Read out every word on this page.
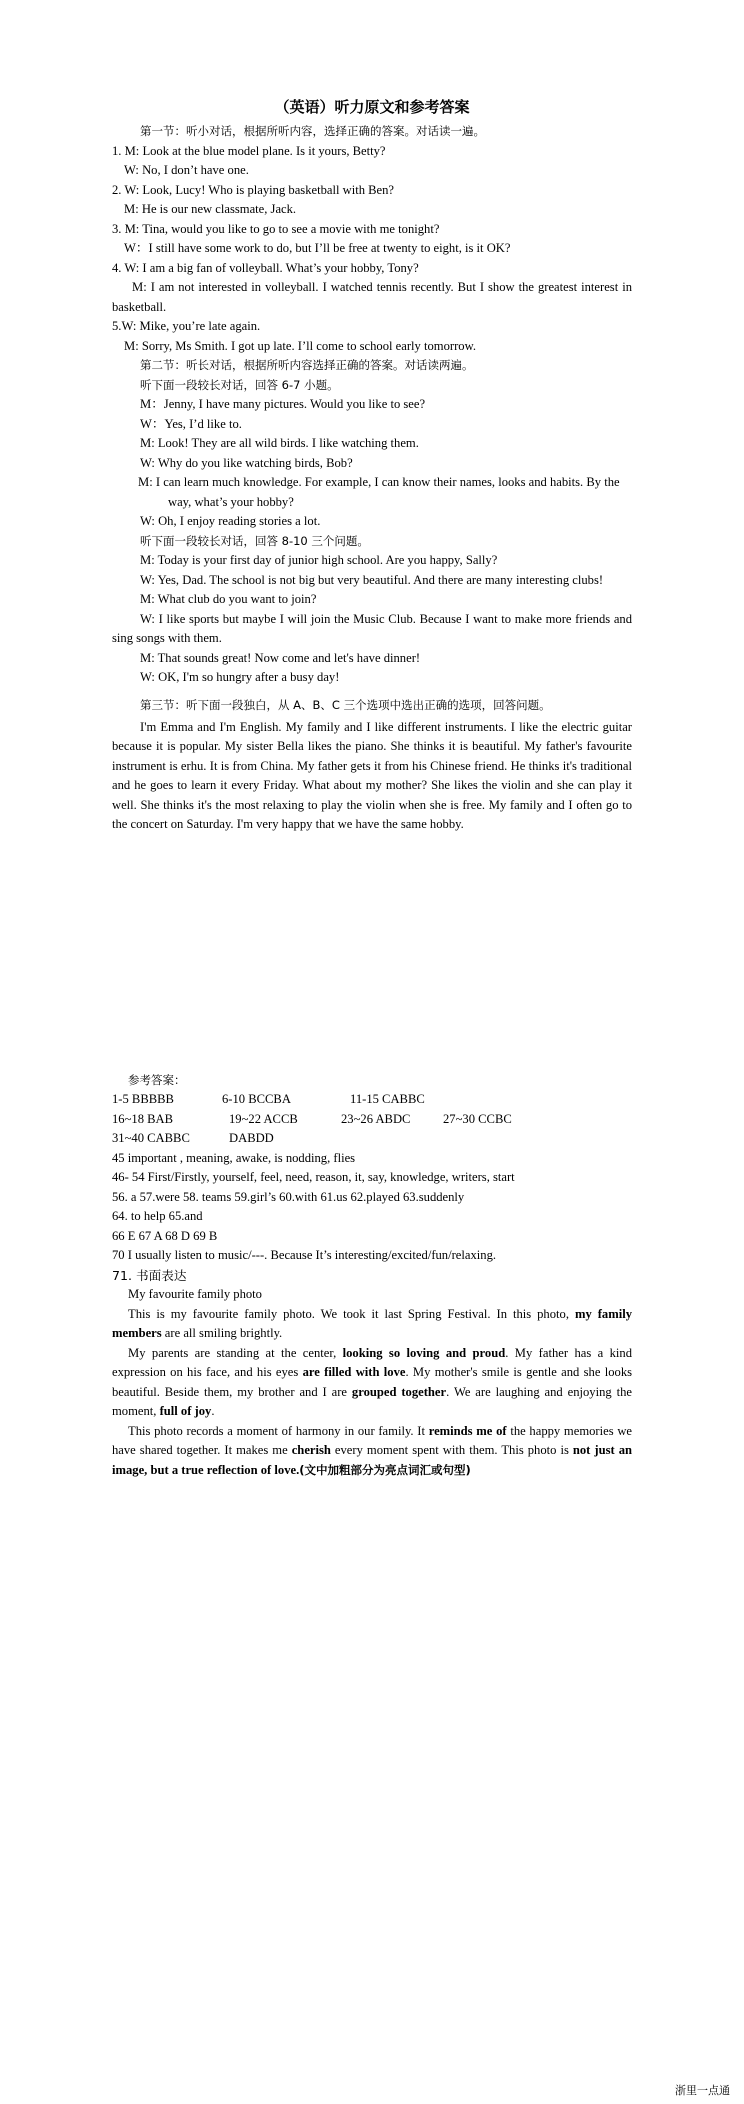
（英语）听力原文和参考答案

第一节：听小对话，根据所听内容，选择正确的答案。对话读一遍。

1. M: Look at the blue model plane. Is it yours, Betty?

W: No, I don’t have one.

2. W: Look, Lucy! Who is playing basketball with Ben?

M: He is our new classmate, Jack.

3. M: Tina, would you like to go to see a movie with me tonight?

W：I still have some work to do, but I’ll be free at twenty to eight, is it OK?

4. W: I am a big fan of volleyball. What’s your hobby, Tony?

M: I am not interested in volleyball. I watched tennis recently. But I show the greatest interest in basketball.

5.W: Mike, you’re late again.

M: Sorry, Ms Smith. I got up late. I’ll come to school early tomorrow.

第二节：听长对话，根据所听内容选择正确的答案。对话读两遍。

听下面一段较长对话，回答 6-7 小题。

M：Jenny, I have many pictures. Would you like to see?

W：Yes, I’d like to.

M: Look! They are all wild birds. I like watching them.

W: Why do you like watching birds, Bob?

M: I can learn much knowledge. For example, I can know their names, looks and habits. By the way, what’s your hobby?

W: Oh, I enjoy reading stories a lot.

听下面一段较长对话，回答 8-10 三个问题。

M: Today is your first day of junior high school. Are you happy, Sally?

W: Yes, Dad. The school is not big but very beautiful. And there are many interesting clubs!

M: What club do you want to join?

W: I like sports but maybe I will join the Music Club. Because I want to make more friends and sing songs with them.

M: That sounds great! Now come and let's have dinner!

W: OK, I'm so hungry after a busy day!

第三节：听下面一段独白，从 A、B、C 三个选项中选出正确的选项，回答问题。

I'm Emma and I'm English. My family and I like different instruments. I like the electric guitar because it is popular. My sister Bella likes the piano. She thinks it is beautiful. My father's favourite instrument is erhu. It is from China. My father gets it from his Chinese friend. He thinks it's traditional and he goes to learn it every Friday. What about my mother? She likes the violin and she can play it well. She thinks it's the most relaxing to play the violin when she is free. My family and I often go to the concert on Saturday. I'm very happy that we have the same hobby.

参考答案：

1-5 BBBBB	6-10 BCCBA	11-15 CABBC

16~18 BAB	19~22 ACCB	23~26 ABDC	27~30 CCBC

31~40 CABBC	DABDD

45 important , meaning, awake, is nodding, flies

46- 54 First/Firstly, yourself, feel, need, reason, it, say, knowledge, writers, start

56. a 57.were 58. teams 59.girl’s 60.with 61.us 62.played 63.suddenly

64. to help 65.and

66 E 67 A 68 D 69 B

70 I usually listen to music/---. Because It’s interesting/excited/fun/relaxing.

71. 书面表达

My favourite family photo

This is my favourite family photo. We took it last Spring Festival. In this photo, my family members are all smiling brightly.

My parents are standing at the center, looking so loving and proud. My father has a kind expression on his face, and his eyes are filled with love. My mother's smile is gentle and she looks beautiful. Beside them, my brother and I are grouped together. We are laughing and enjoying the moment, full of joy.

This photo records a moment of harmony in our family. It reminds me of the happy memories we have shared together. It makes me cherish every moment spent with them. This photo is not just an image, but a true reflection of love.(文中加粗部分为亮点词汇或句型)

浙里一点通
